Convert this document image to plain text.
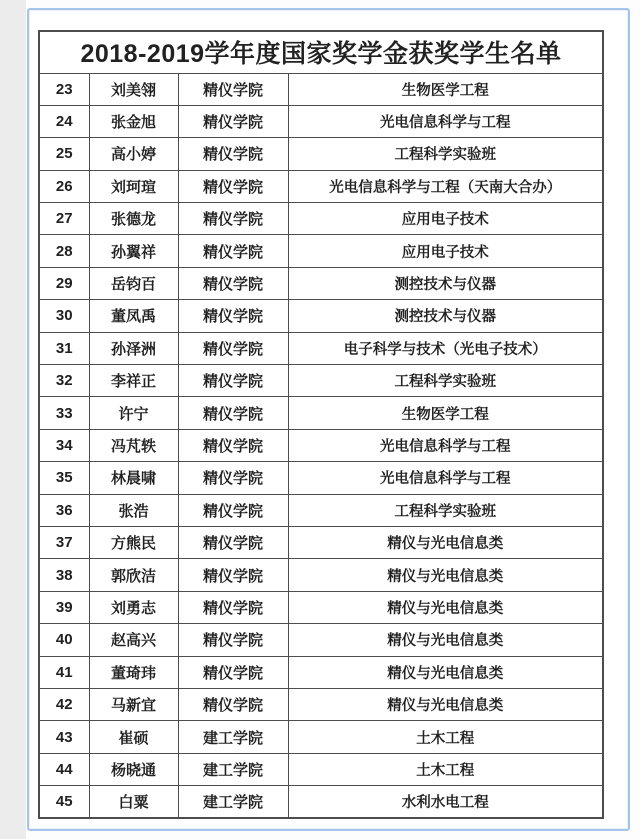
2018-2019学年度国家奖学金获奖学生名单			
23	刘美翎	精仪学院	生物医学工程
24	张金旭	精仪学院	光电信息科学与工程
25	高小婷	精仪学院	工程科学实验班
26	刘珂瑄	精仪学院	光电信息科学与工程（天南大合办）
27	张德龙	精仪学院	应用电子技术
28	孙翼祥	精仪学院	应用电子技术
29	岳钧百	精仪学院	测控技术与仪器
30	董凤禹	精仪学院	测控技术与仪器
31	孙泽洲	精仪学院	电子科学与技术（光电子技术）
32	李祥正	精仪学院	工程科学实验班
33	许宁	精仪学院	生物医学工程
34	冯芃轶	精仪学院	光电信息科学与工程
35	林晨啸	精仪学院	光电信息科学与工程
36	张浩	精仪学院	工程科学实验班
37	方熊民	精仪学院	精仪与光电信息类
38	郭欣洁	精仪学院	精仪与光电信息类
39	刘勇志	精仪学院	精仪与光电信息类
40	赵高兴	精仪学院	精仪与光电信息类
41	董琦玮	精仪学院	精仪与光电信息类
42	马新宜	精仪学院	精仪与光电信息类
43	崔硕	建工学院	土木工程
44	杨晓通	建工学院	土木工程
45	白粟	建工学院	水利水电工程
